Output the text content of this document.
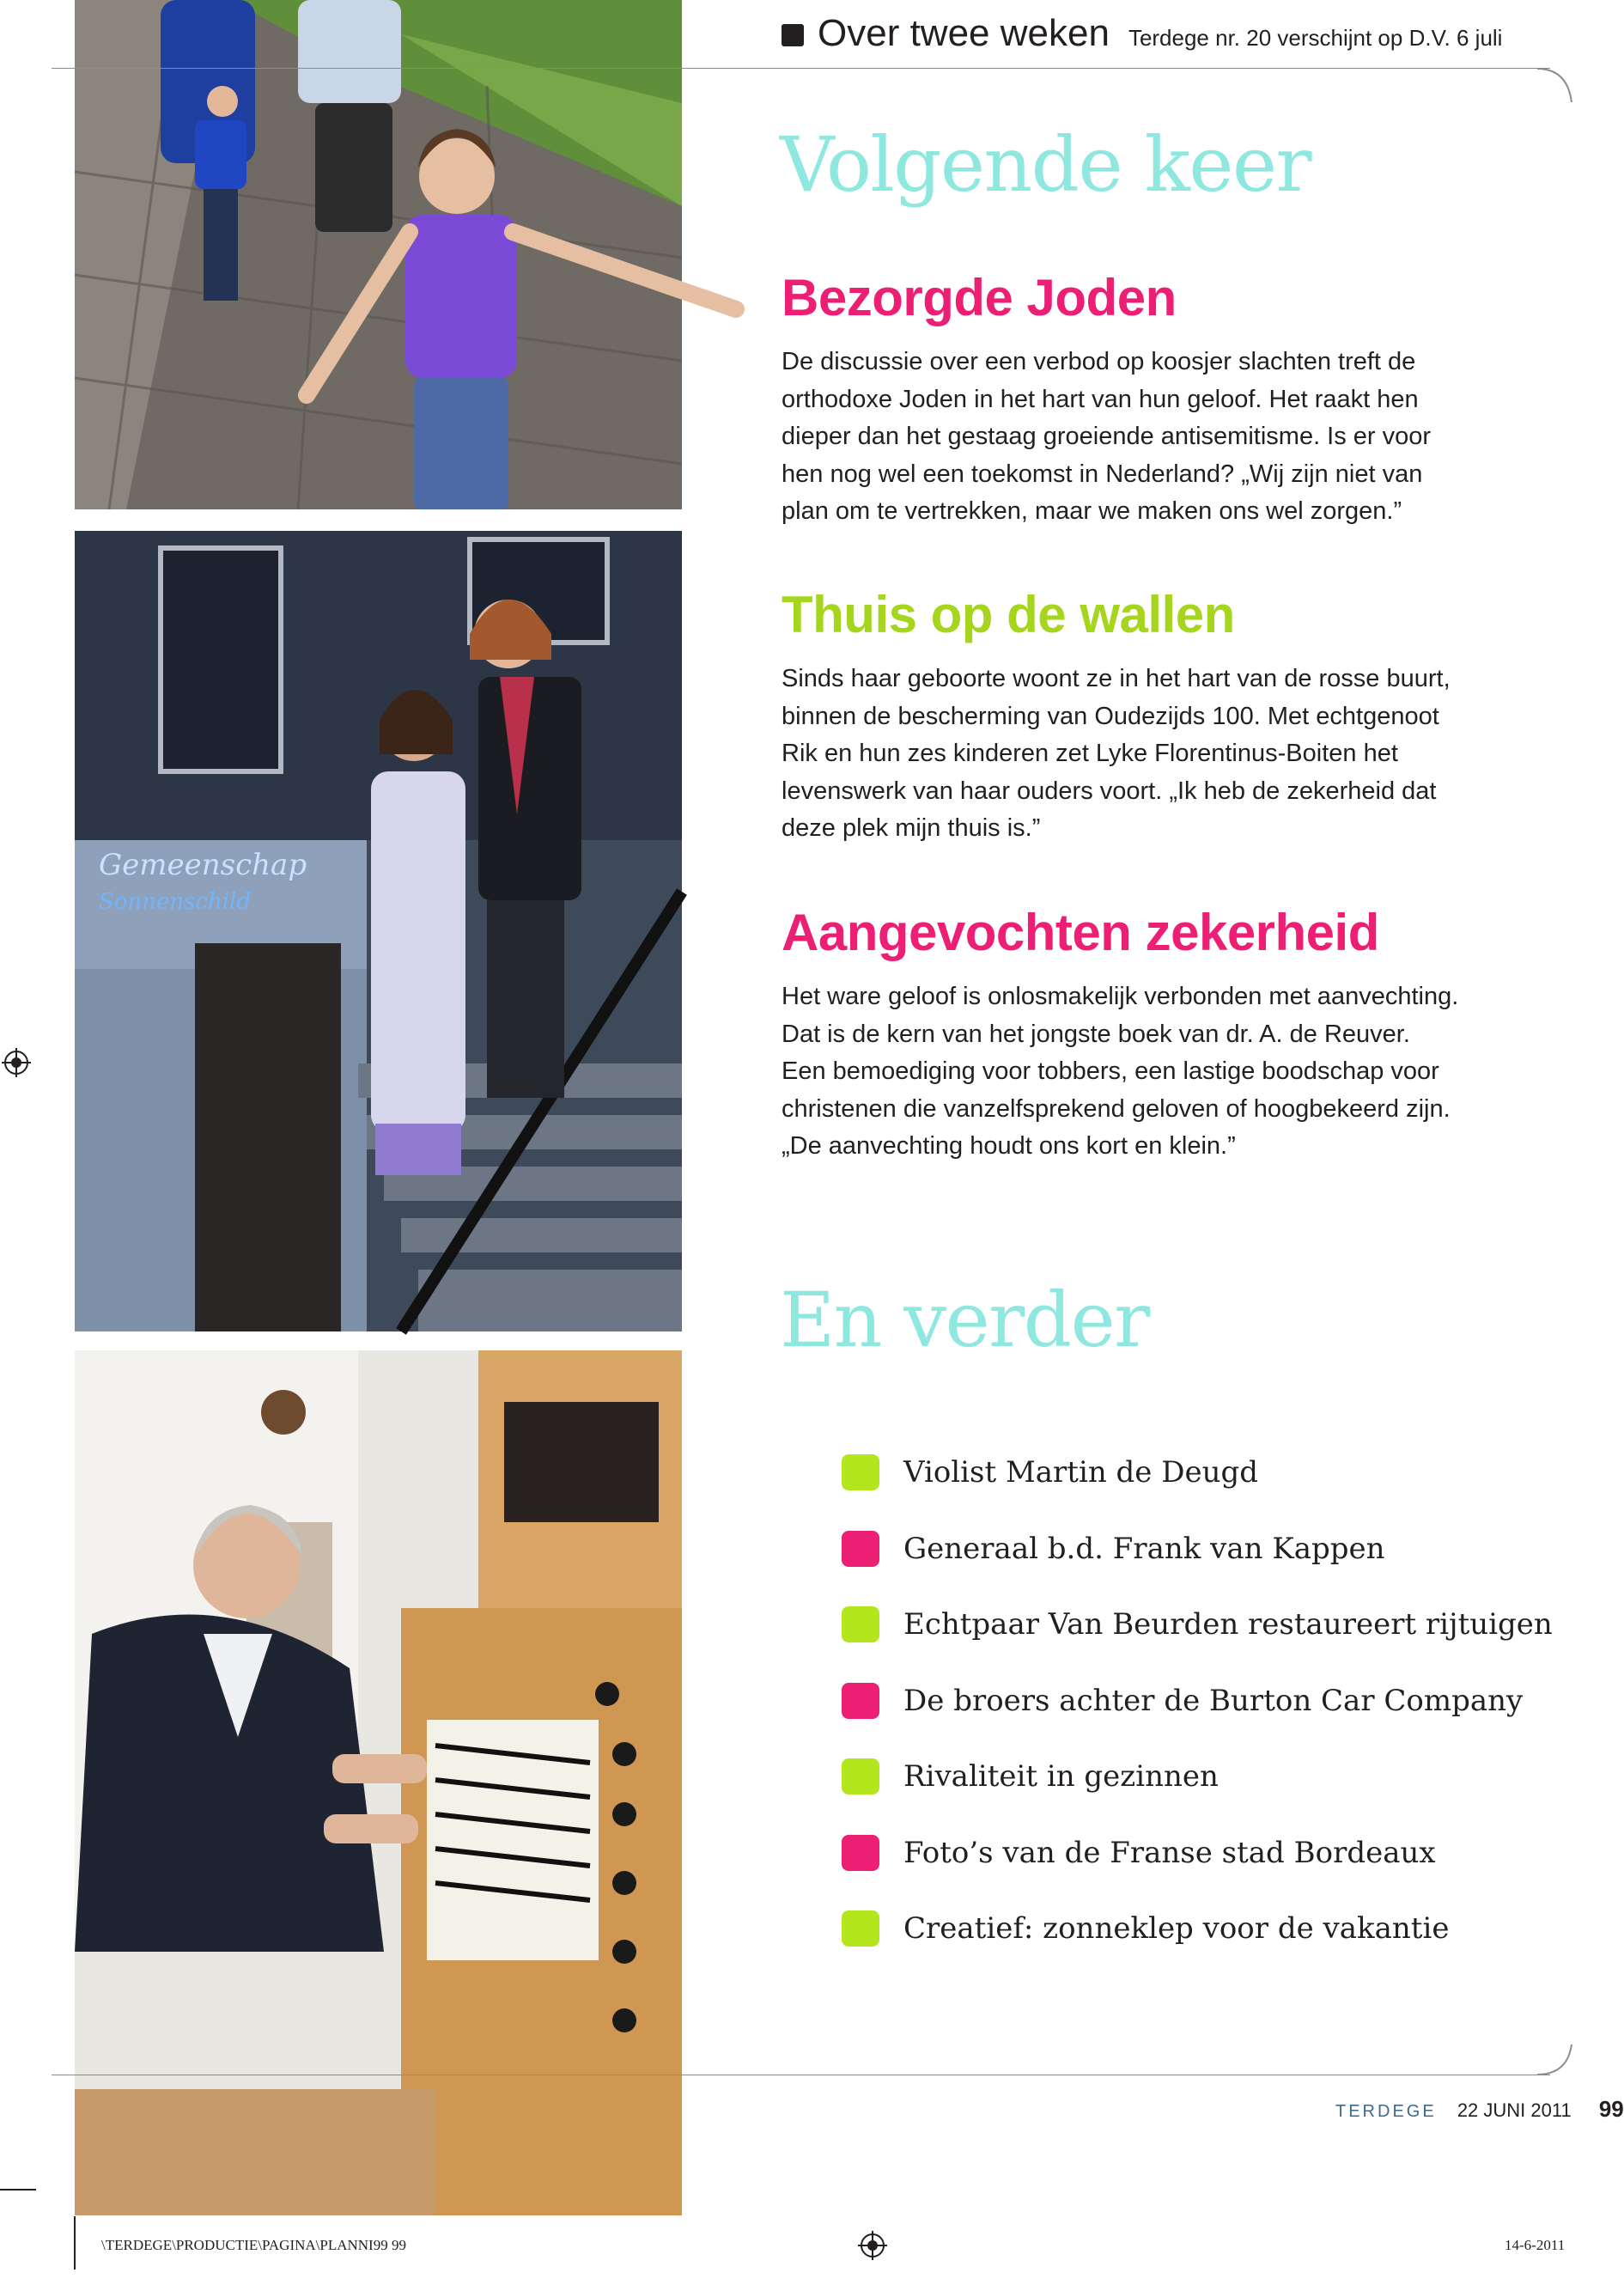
Gemeenschap
Sonnenschild
Over twee weken Terdege nr. 20 verschijnt op D.V. 6 juli
Volgende keer
Bezorgde Joden

De discussie over een verbod op koosjer slachten treft de

orthodoxe Joden in het hart van hun geloof. Het raakt hen

dieper dan het gestaag groeiende antisemitisme. Is er voor

hen nog wel een toekomst in Nederland? „Wij zijn niet van

plan om te vertrekken, maar we maken ons wel zorgen.”

Thuis op de wallen

Sinds haar geboorte woont ze in het hart van de rosse buurt,

binnen de bescherming van Oudezijds 100. Met echtgenoot

Rik en hun zes kinderen zet Lyke Florentinus-Boiten het

levenswerk van haar ouders voort. „Ik heb de zekerheid dat

deze plek mijn thuis is.”

Aangevochten zekerheid

Het ware geloof is onlosmakelijk verbonden met aanvechting.

Dat is de kern van het jongste boek van dr. A. de Reuver.

Een bemoediging voor tobbers, een lastige boodschap voor

christenen die vanzelfsprekend geloven of hoogbekeerd zijn.

„De aanvechting houdt ons kort en klein.”

En verder
Violist Martin de Deugd
Generaal b.d. Frank van Kappen
Echtpaar Van Beurden restaureert rijtuigen
De broers achter de Burton Car Company
Rivaliteit in gezinnen
Foto’s van de Franse stad Bordeaux
Creatief: zonneklep voor de vakantie
TERDEGE 22 JUNI 2011 99
\TERDEGE\PRODUCTIE\PAGINA\PLANNI99 99	14-6-2011
